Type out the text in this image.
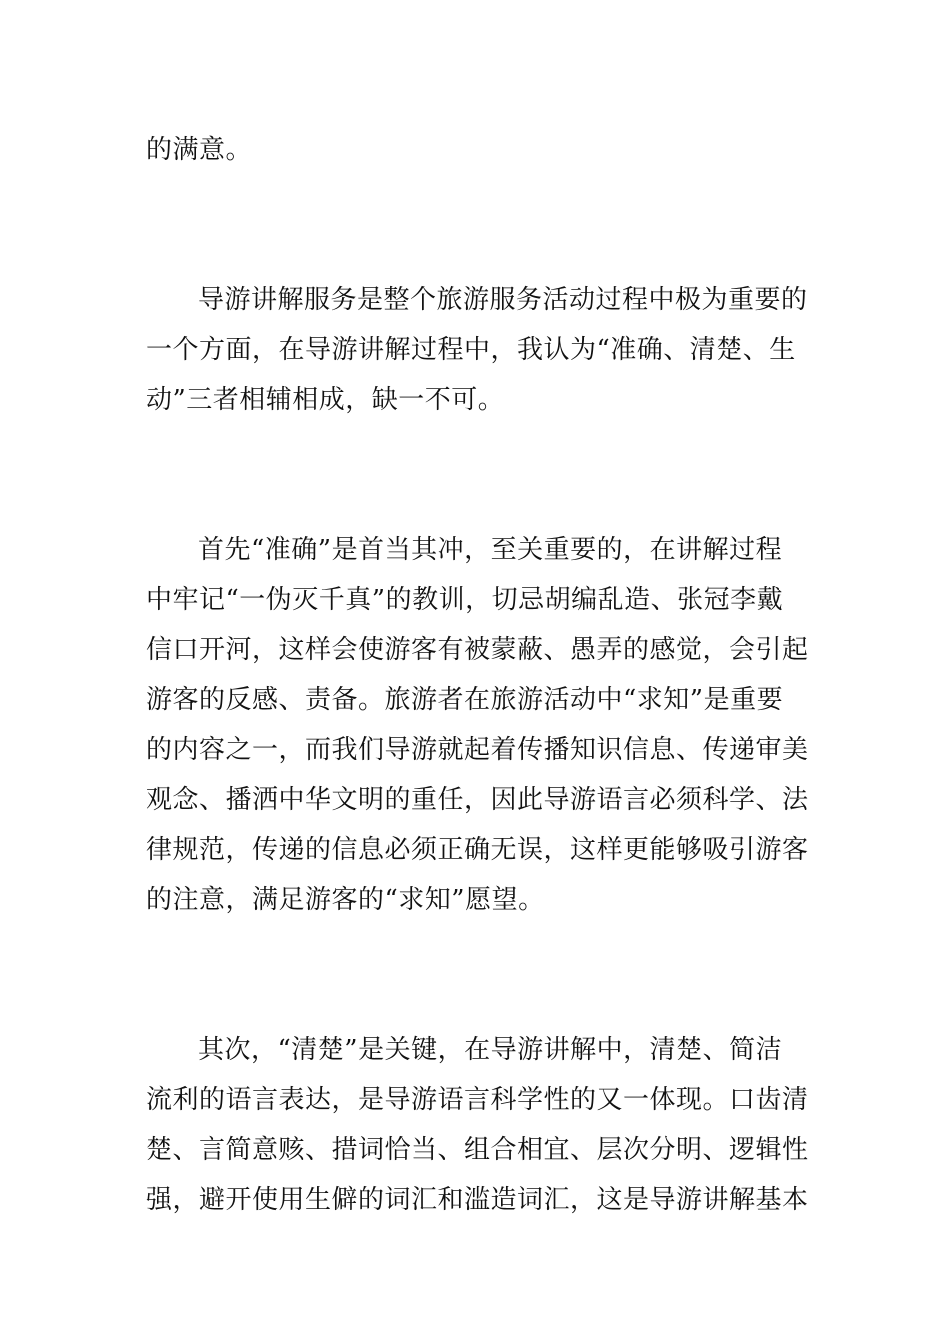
的满意。
导游讲解服务是整个旅游服务活动过程中极为重要的
一个方面，在导游讲解过程中，我认为“准确、清楚、生
动”三者相辅相成，缺一不可。
首先“准确”是首当其冲，至关重要的，在讲解过程
中牢记“一伪灭千真”的教训，切忌胡编乱造、张冠李戴
信口开河，这样会使游客有被蒙蔽、愚弄的感觉，会引起
游客的反感、责备。旅游者在旅游活动中“求知”是重要
的内容之一，而我们导游就起着传播知识信息、传递审美
观念、播洒中华文明的重任，因此导游语言必须科学、法
律规范，传递的信息必须正确无误，这样更能够吸引游客
的注意，满足游客的“求知”愿望。
其次，“清楚”是关键，在导游讲解中，清楚、简洁
流利的语言表达，是导游语言科学性的又一体现。口齿清
楚、言简意赅、措词恰当、组合相宜、层次分明、逻辑性
强，避开使用生僻的词汇和滥造词汇，这是导游讲解基本
